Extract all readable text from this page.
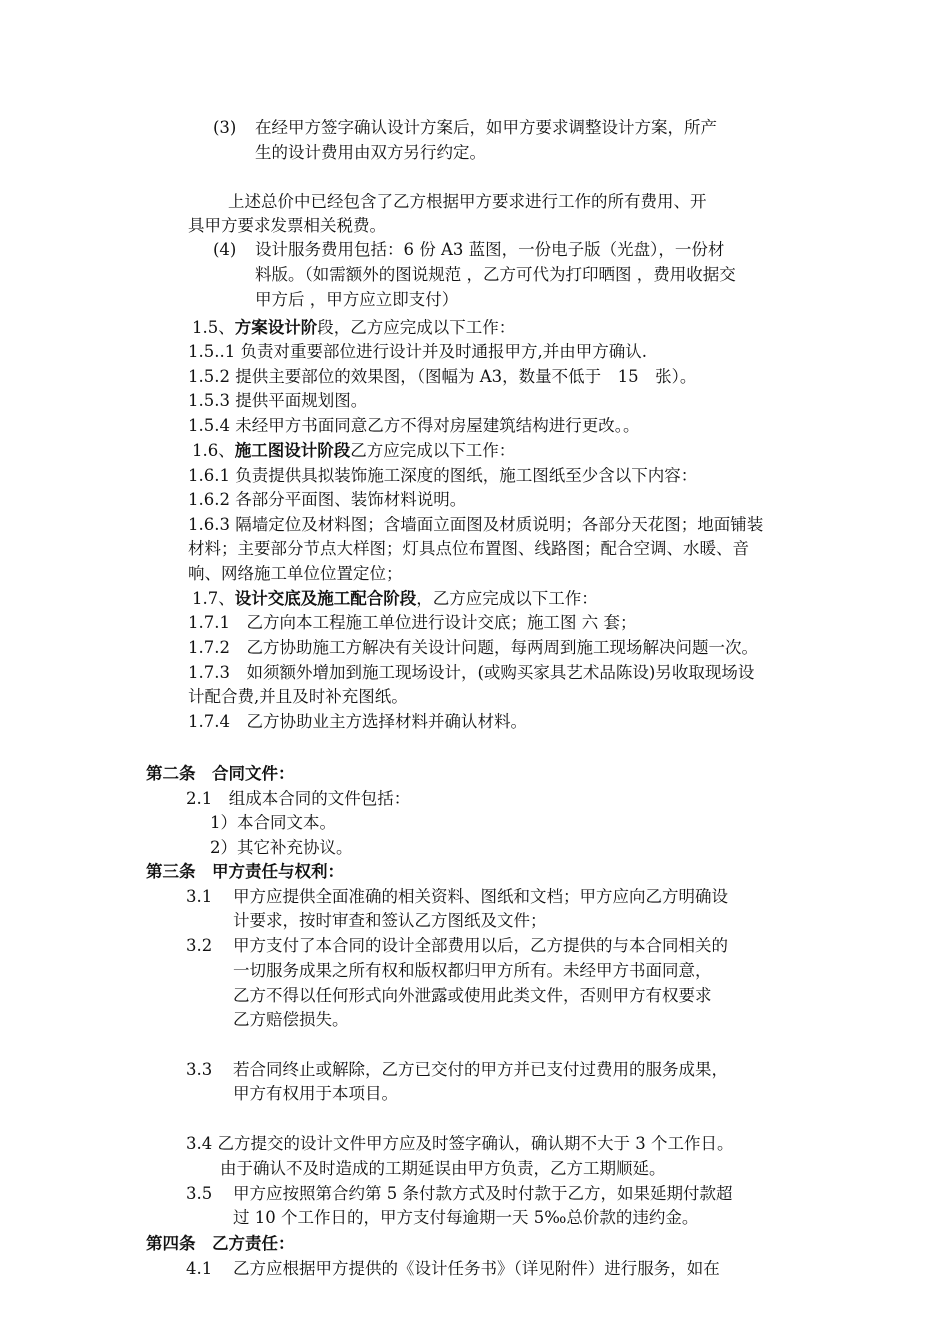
(3) 在经甲方签字确认设计方案后，如甲方要求调整设计方案，所产
生的设计费用由双方另行约定。
上述总价中已经包含了乙方根据甲方要求进行工作的所有费用、开
具甲方要求发票相关税费。
(4) 设计服务费用包括：6 份 A3 蓝图，一份电子版（光盘），一份材
料版。（如需额外的图说规范 ，乙方可代为打印晒图 ，费用收据交
甲方后 ，甲方应立即支付）
1.5、方案设计阶段，乙方应完成以下工作：
1.5..1 负责对重要部位进行设计并及时通报甲方,并由甲方确认.
1.5.2 提供主要部位的效果图，（图幅为 A3，数量不低于　15　张）。
1.5.3 提供平面规划图。
1.5.4 未经甲方书面同意乙方不得对房屋建筑结构进行更改。。
1.6、施工图设计阶段乙方应完成以下工作：
1.6.1 负责提供具拟装饰施工深度的图纸，施工图纸至少含以下内容：
1.6.2 各部分平面图、装饰材料说明。
1.6.3 隔墙定位及材料图；含墙面立面图及材质说明；各部分天花图；地面铺装
材料；主要部分节点大样图；灯具点位布置图、线路图；配合空调、水暖、音
响、网络施工单位位置定位；
1.7、设计交底及施工配合阶段，乙方应完成以下工作：
1.7.1　乙方向本工程施工单位进行设计交底；施工图 六 套；
1.7.2　乙方协助施工方解决有关设计问题，每两周到施工现场解决问题一次。
1.7.3　如须额外增加到施工现场设计，(或购买家具艺术品陈设)另收取现场设
计配合费,并且及时补充图纸。
1.7.4　乙方协助业主方选择材料并确认材料。
第二条　合同文件：
2.1　组成本合同的文件包括：
1）本合同文本。
2）其它补充协议。
第三条　甲方责任与权利：
3.1 甲方应提供全面准确的相关资料、图纸和文档；甲方应向乙方明确设
计要求，按时审查和签认乙方图纸及文件；
3.2 甲方支付了本合同的设计全部费用以后，乙方提供的与本合同相关的
一切服务成果之所有权和版权都归甲方所有。未经甲方书面同意，
乙方不得以任何形式向外泄露或使用此类文件，否则甲方有权要求
乙方赔偿损失。
3.3 若合同终止或解除，乙方已交付的甲方并已支付过费用的服务成果，
甲方有权用于本项目。
3.4 乙方提交的设计文件甲方应及时签字确认，确认期不大于 3 个工作日。
由于确认不及时造成的工期延误由甲方负责，乙方工期顺延。
3.5 甲方应按照第合约第 5 条付款方式及时付款于乙方，如果延期付款超
过 10 个工作日的，甲方支付每逾期一天 5‰总价款的违约金。
第四条　乙方责任：
4.1 乙方应根据甲方提供的《设计任务书》（详见附件）进行服务，如在
